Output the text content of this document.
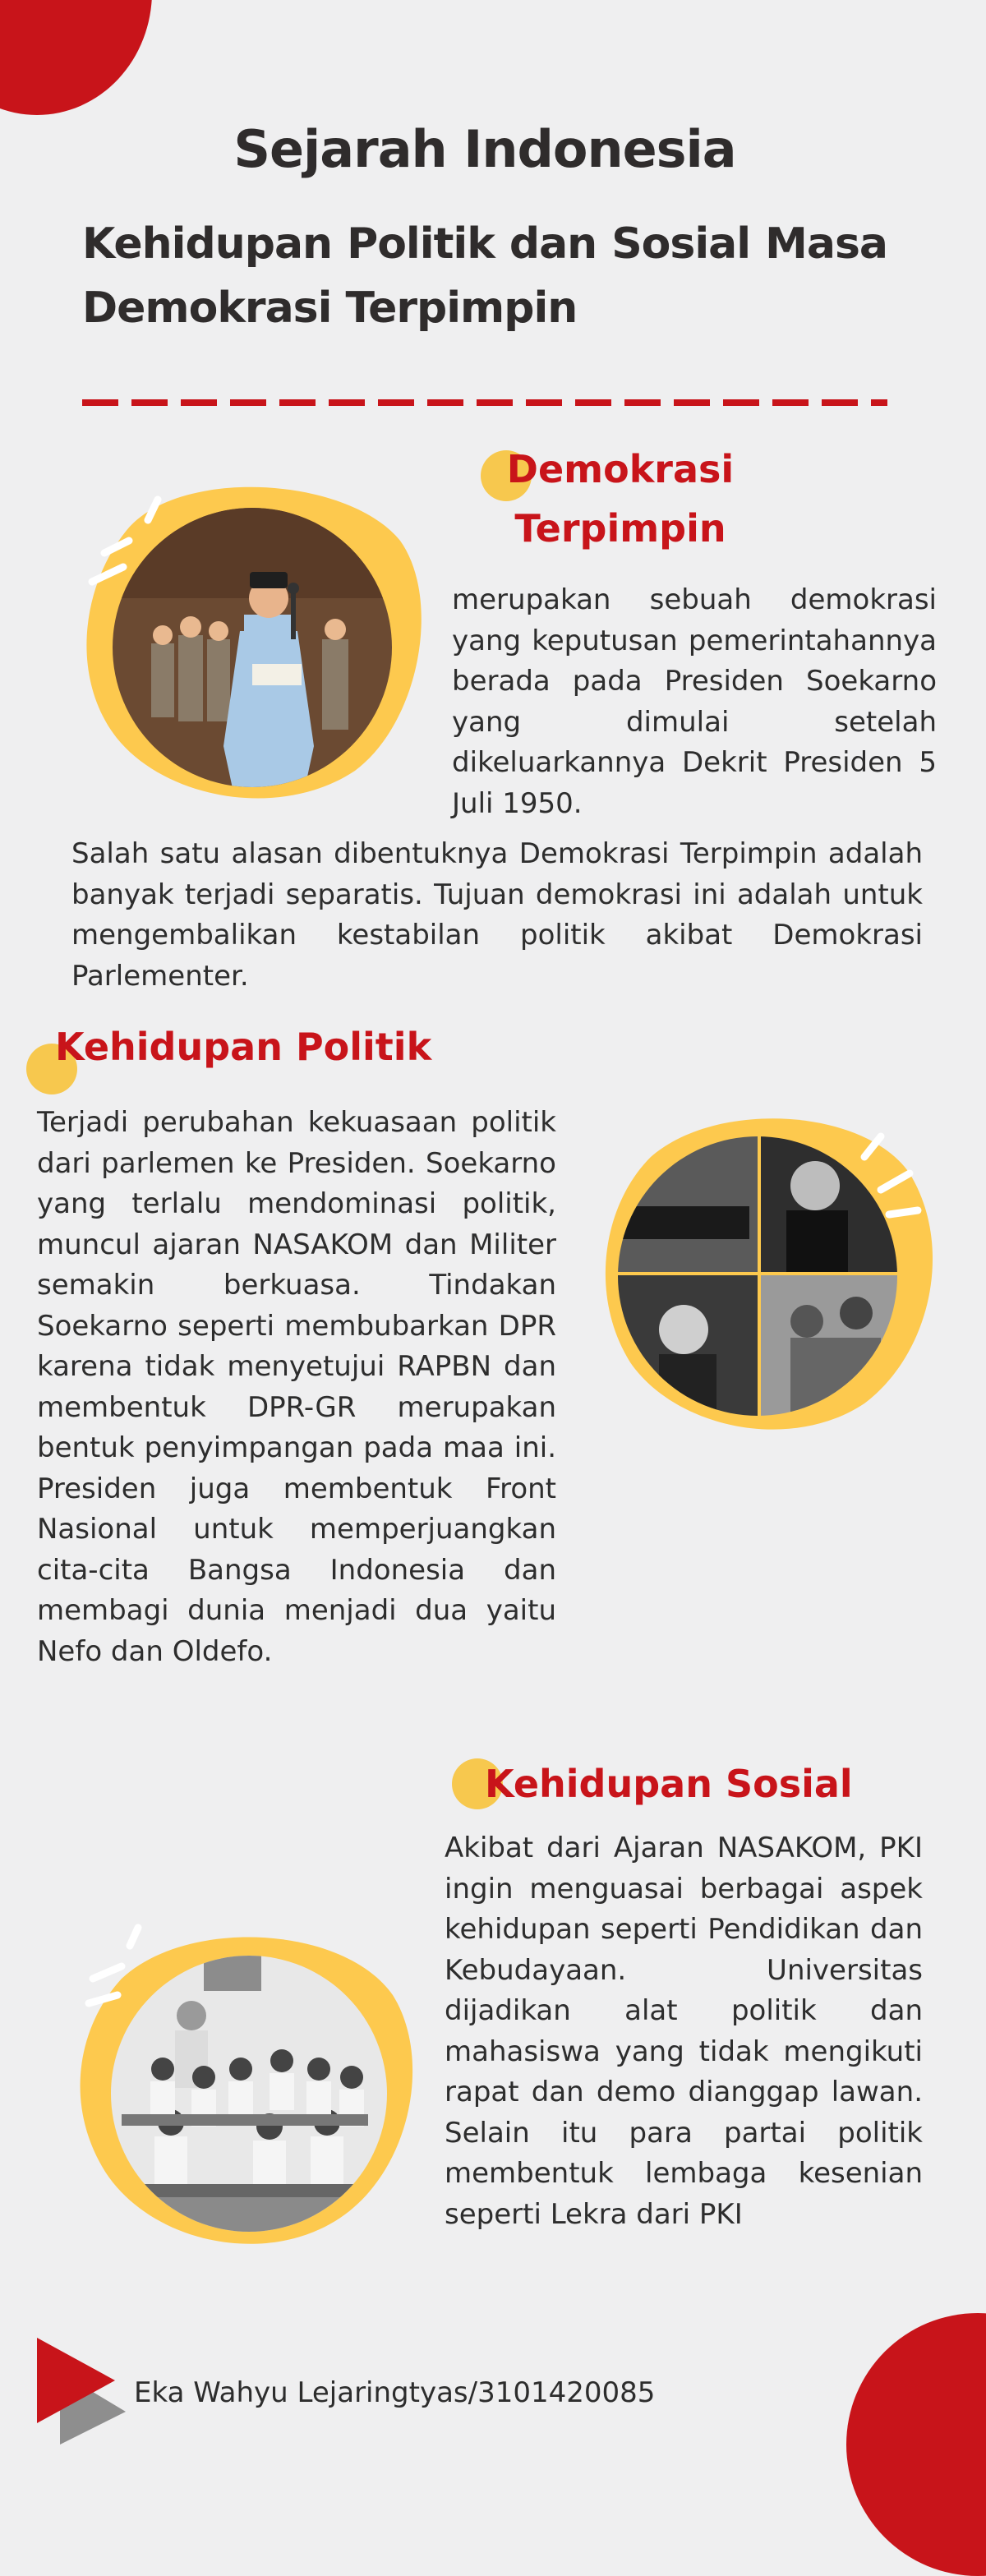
Sejarah Indonesia
Kehidupan Politik dan Sosial Masa Demokrasi Terpimpin
Demokrasi
Terpimpin
merupakan sebuah demokrasi yang keputusan pemerintahannya berada pada Presiden Soekarno yang dimulai setelah dikeluarkannya Dekrit Presiden 5 Juli 1950.
Salah satu alasan dibentuknya Demokrasi Terpimpin adalah banyak terjadi separatis. Tujuan demokrasi ini adalah untuk mengembalikan kestabilan politik akibat Demokrasi Parlementer.
Kehidupan Politik
Terjadi perubahan kekuasaan politik dari parlemen ke Presiden. Soekarno yang terlalu mendominasi politik, muncul ajaran NASAKOM dan Militer semakin berkuasa. Tindakan Soekarno seperti membubarkan DPR karena tidak menyetujui RAPBN dan membentuk DPR-GR merupakan bentuk penyimpangan pada maa ini. Presiden juga membentuk Front Nasional untuk memperjuangkan cita-cita Bangsa Indonesia dan membagi dunia menjadi dua yaitu Nefo dan Oldefo.
Kehidupan Sosial
Akibat dari Ajaran NASAKOM, PKI ingin menguasai berbagai aspek kehidupan seperti Pendidikan dan Kebudayaan. Universitas dijadikan alat politik dan mahasiswa yang tidak mengikuti rapat dan demo dianggap lawan. Selain itu para partai politik membentuk lembaga kesenian seperti Lekra dari PKI
Eka Wahyu Lejaringtyas/3101420085
